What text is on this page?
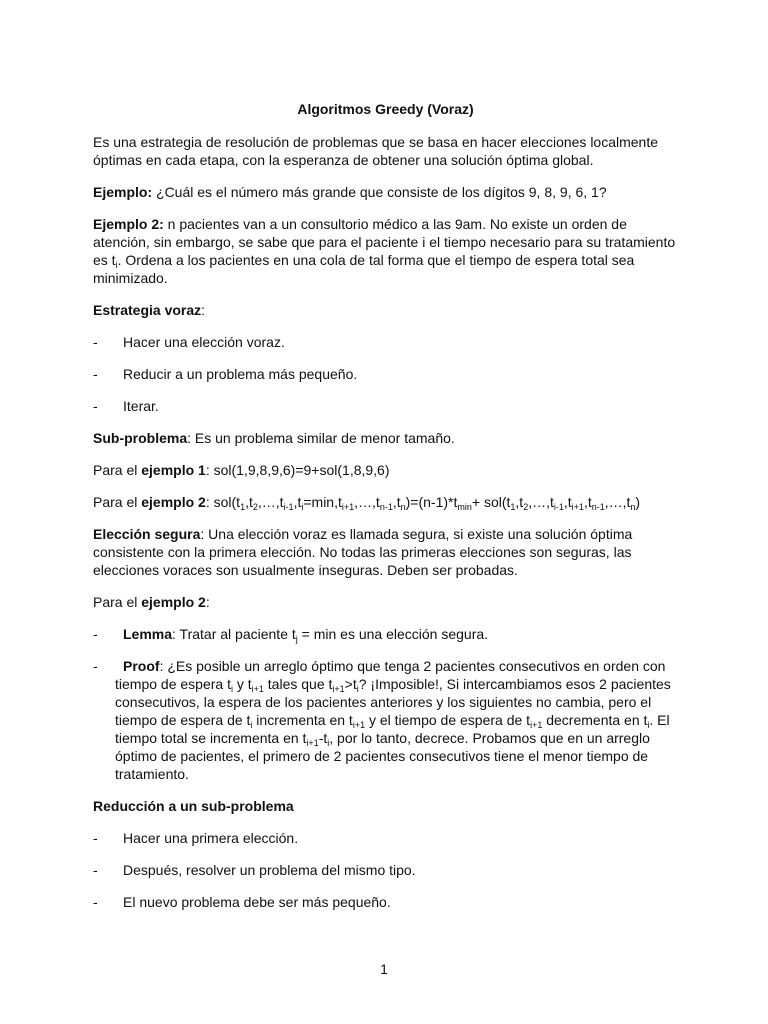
Algoritmos Greedy (Voraz)

Es una estrategia de resolución de problemas que se basa en hacer elecciones localmente óptimas en cada etapa, con la esperanza de obtener una solución óptima global.

Ejemplo: ¿Cuál es el número más grande que consiste de los dígitos 9, 8, 9, 6, 1?

Ejemplo 2: n pacientes van a un consultorio médico a las 9am. No existe un orden de atención, sin embargo, se sabe que para el paciente i el tiempo necesario para su tratamiento es $t_i$. Ordena a los pacientes en una cola de tal forma que el tiempo de espera total sea minimizado.

Estrategia voraz:

-	Hacer una elección voraz.
-	Reducir a un problema más pequeño.
-	Iterar.

Sub-problema: Es un problema similar de menor tamaño.

Para el ejemplo 1: sol(1,9,8,9,6)=9+sol(1,8,9,6)

Para el ejemplo 2: $sol(t_1,t_2,\dots,t_{i-1},t_i=\min,t_{i+1},\dots,t_{n-1},t_n)=(n-1)*t_{min}+$ $sol(t_1,t_2,\dots,t_{i-1},t_{i+1},t_{n-1},\dots,t_n)$

Elección segura: Una elección voraz es llamada segura, si existe una solución óptima consistente con la primera elección. No todas las primeras elecciones son seguras, las elecciones voraces son usualmente inseguras. Deben ser probadas.

Para el ejemplo 2:

-	Lemma: Tratar al paciente $t_j = \min$ es una elección segura.
- Proof: ¿Es posible un arreglo óptimo que tenga 2 pacientes consecutivos en orden con tiempo de espera $t_i$ y $t_{i+1}$ tales que $t_{i+1}>t_i$? ¡Imposible!, Si intercambiamos esos 2 pacientes consecutivos, la espera de los pacientes anteriores y los siguientes no cambia, pero el tiempo de espera de $t_i$ incrementa en $t_{i+1}$ y el tiempo de espera de $t_{i+1}$ decrementa en $t_i$. El tiempo total se incrementa en $t_{i+1}-t_i$, por lo tanto, decrece. Probamos que en un arreglo óptimo de pacientes, el primero de 2 pacientes consecutivos tiene el menor tiempo de tratamiento.

Reducción a un sub-problema

-	Hacer una primera elección.
-	Después, resolver un problema del mismo tipo.
-	El nuevo problema debe ser más pequeño.
1
